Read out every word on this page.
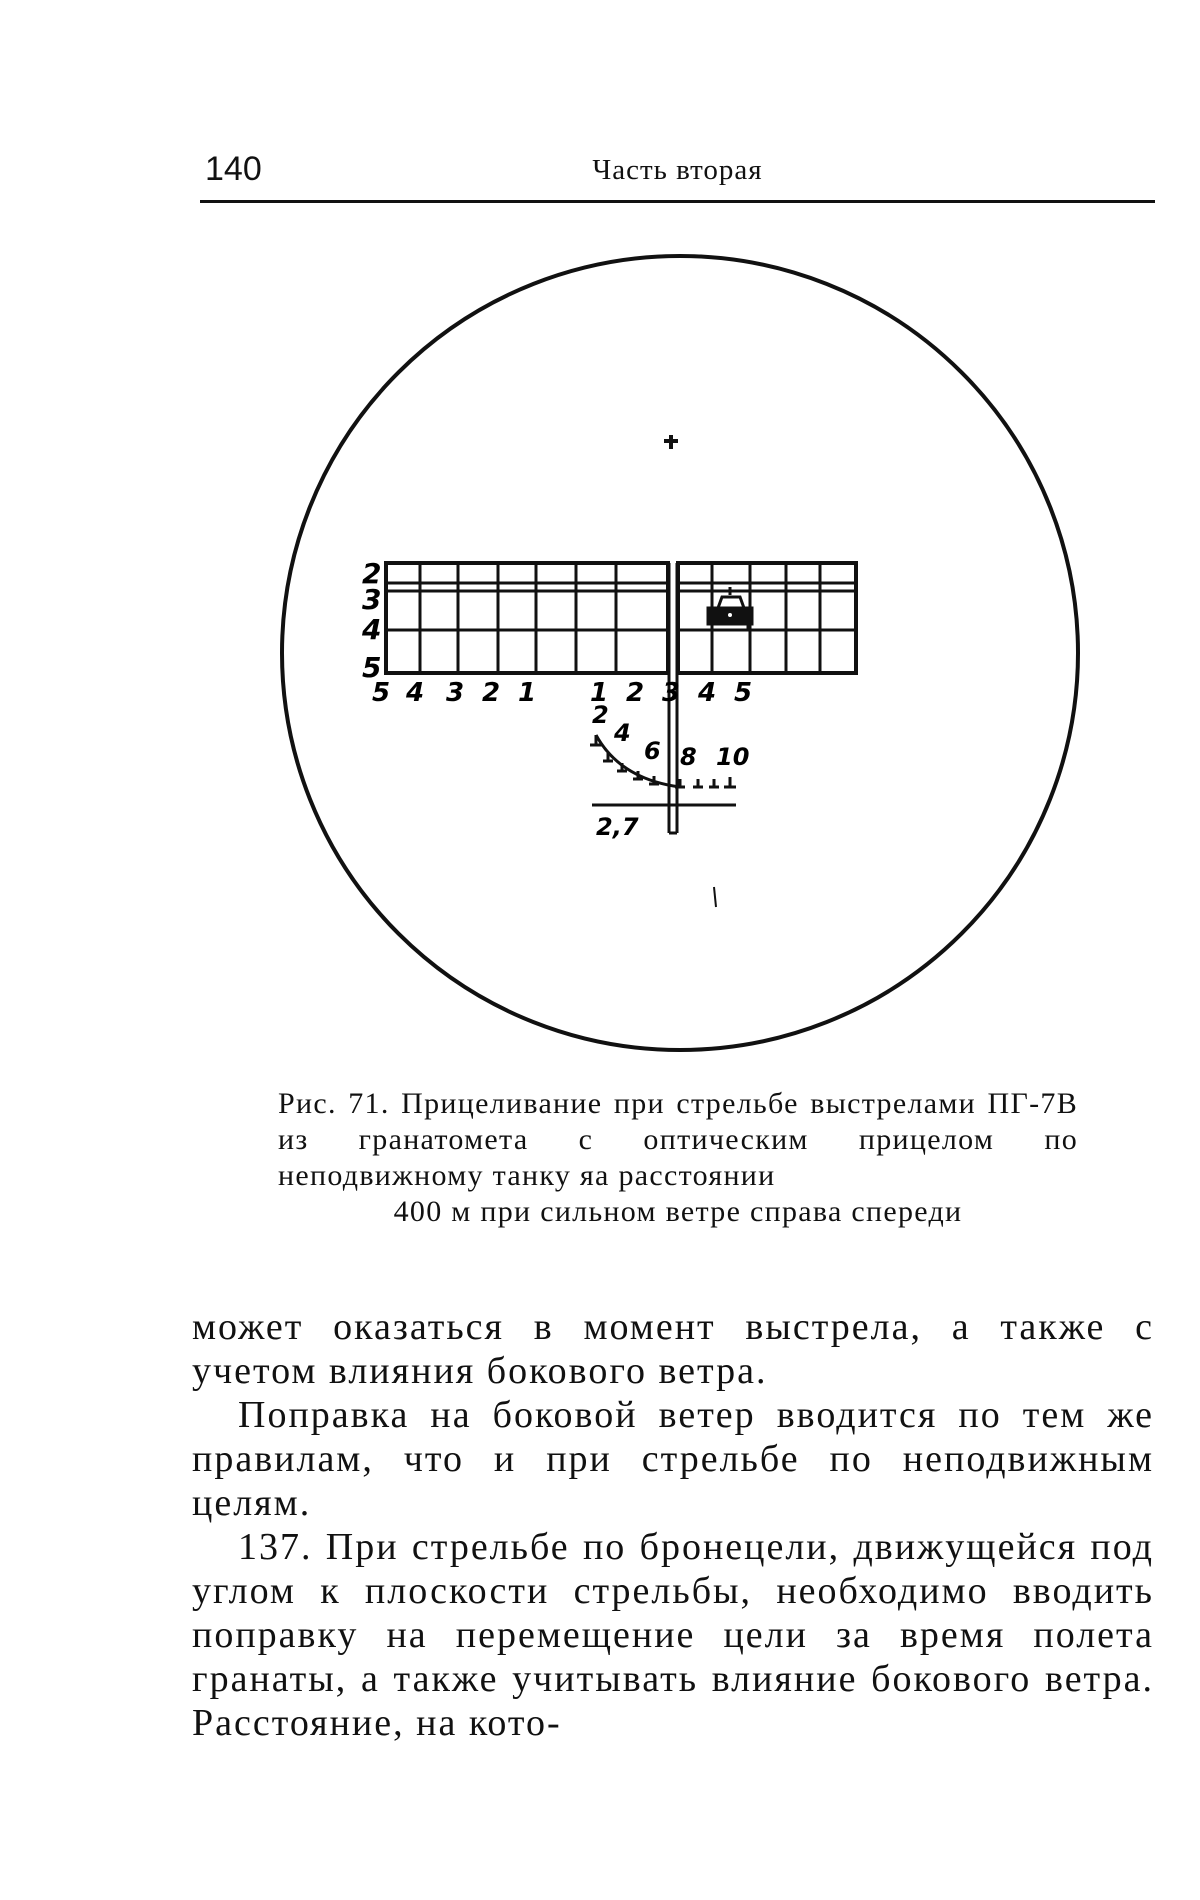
140	Часть вторая
2
3
4
5
5 4 3 2 1 1 2 3 4 5
2
4
6 8 10
2,7
Рис. 71. Прицеливание при стрельбе выстрелами ПГ-7В из гранатомета с оптическим прицелом по неподвижному танку яа расстоянии
400 м при сильном ветре справа спереди

может оказаться в момент выстрела, а также с учетом влияния бокового ветра.

Поправка на боковой ветер вводится по тем же правилам, что и при стрельбе по неподвижным целям.

137. При стрельбе по бронецели, движущейся под углом к плоскости стрельбы, необходимо вводить поправку на перемещение цели за время полета гранаты, а также учитывать влияние бокового ветра. Расстояние, на кото-
